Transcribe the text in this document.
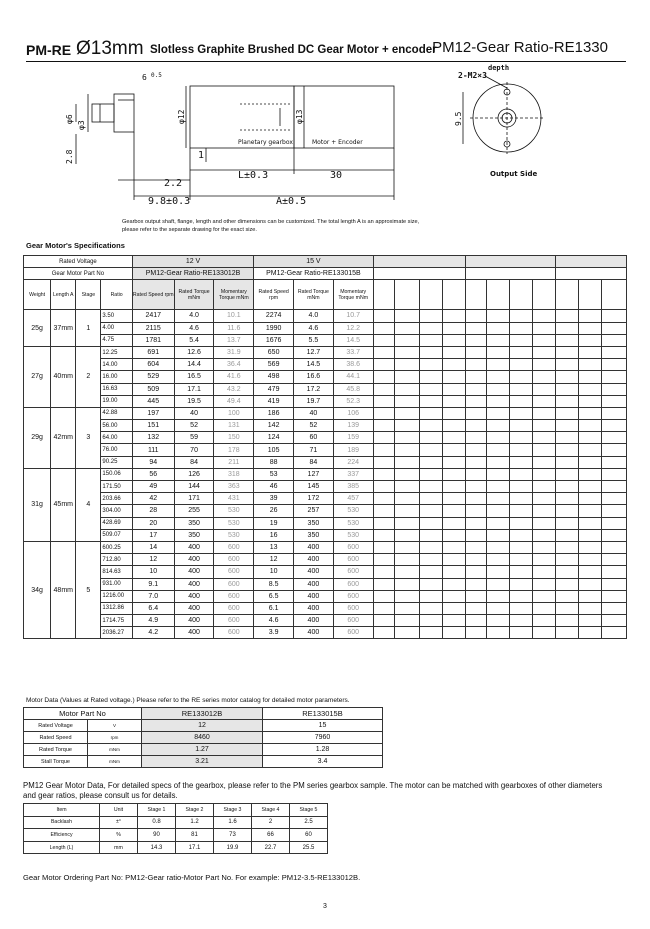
PM-RE Ø13mm Slotless Graphite Brushed DC Gear Motor + encoder
PM12-Gear Ratio-RE1330
6 0.5
2.2
9.8±0.3
1
L±0.3	30
A±0.5
depth
2-M2×3
Output Side
Planetary gearbox	Motor + Encoder
φ3
φ6
2.8
φ12	φ13	9.5
Gearbox output shaft, flange, length and other dimensions can be customized. The total length A is an approximate size, please refer to the separate drawing for the exact size.
Gear Motor's Specifications
Rated Voltage				12 V			15 V													
Gear Motor Part No				PM12-Gear Ratio-RE133012B			PM12-Gear Ratio-RE133015B													
Weight	Length A	Stage	Ratio	Rated Speed rpm	Rated Torque mNm	Momentary Torque mNm	Rated Speed rpm	Rated Torque mNm	Momentary Torque mNm											
25g	37mm	1	3.50	2417	4.0	10.1	2274	4.0	10.7											
			4.00	2115	4.6	11.6	1990	4.6	12.2											
			4.75	1781	5.4	13.7	1676	5.5	14.5											
27g	40mm	2	12.25	691	12.6	31.9	650	12.7	33.7											
			14.00	604	14.4	36.4	569	14.5	38.6											
			16.00	529	16.5	41.6	498	16.6	44.1											
			16.63	509	17.1	43.2	479	17.2	45.8											
			19.00	445	19.5	49.4	419	19.7	52.3											
29g	42mm	3	42.88	197	40	100	186	40	106											
			56.00	151	52	131	142	52	139											
			64.00	132	59	150	124	60	159											
			76.00	111	70	178	105	71	189											
			90.25	94	84	211	88	84	224											
31g	45mm	4	150.06	56	126	318	53	127	337											
			171.50	49	144	363	46	145	385											
			203.66	42	171	431	39	172	457											
			304.00	28	255	530	26	257	530											
			428.69	20	350	530	19	350	530											
			509.07	17	350	530	16	350	530											
34g	48mm	5	600.25	14	400	600	13	400	600											
			712.80	12	400	600	12	400	600											
			814.63	10	400	600	10	400	600											
			931.00	9.1	400	600	8.5	400	600											
			1216.00	7.0	400	600	6.5	400	600											
			1312.86	6.4	400	600	6.1	400	600											
			1714.75	4.9	400	600	4.6	400	600											
			2036.27	4.2	400	600	3.9	400	600											
Motor Data (Values at Rated voltage.) Please refer to the RE series motor catalog for detailed motor parameters.
Motor Part No		RE133012B	RE133015B
Rated Voltage	V	12	15
Rated Speed	rpm	8460	7960
Rated Torque	mNm	1.27	1.28
Stall Torque	mNm	3.21	3.4
PM12 Gear Motor Data, For detailed specs of the gearbox, please refer to the PM series gearbox sample. The motor can be matched with gearboxes of other diameters and gear ratios, please consult us for details.
Item	Unit	Stage 1	Stage 2	Stage 3	Stage 4	Stage 5
Backlash	±°	0.8	1.2	1.6	2	2.5
Efficiency	%	90	81	73	66	60
Length (L)	mm	14.3	17.1	19.9	22.7	25.5
Gear Motor Ordering Part No: PM12-Gear ratio-Motor Part No. For example: PM12-3.5-RE133012B.
3
